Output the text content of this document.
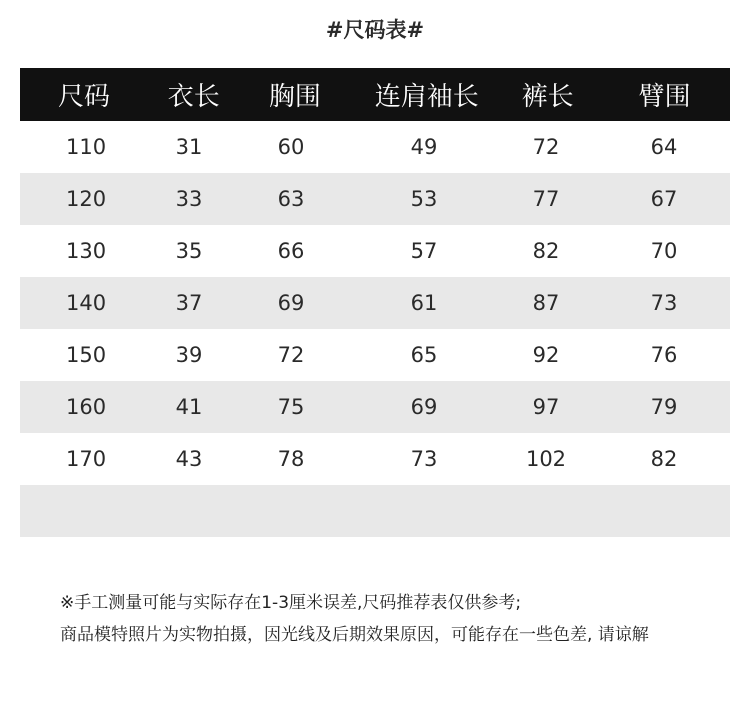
#尺码表#
尺码	衣长	胸围	连肩袖长	裤长	臂围
110	31	60	49	72	64
120	33	63	53	77	67
130	35	66	57	82	70
140	37	69	61	87	73
150	39	72	65	92	76
160	41	75	69	97	79
170	43	78	73	102	82
※手工测量可能与实际存在1-3厘米误差,尺码推荐表仅供参考;
商品模特照片为实物拍摄，因光线及后期效果原因，可能存在一些色差, 请谅解
